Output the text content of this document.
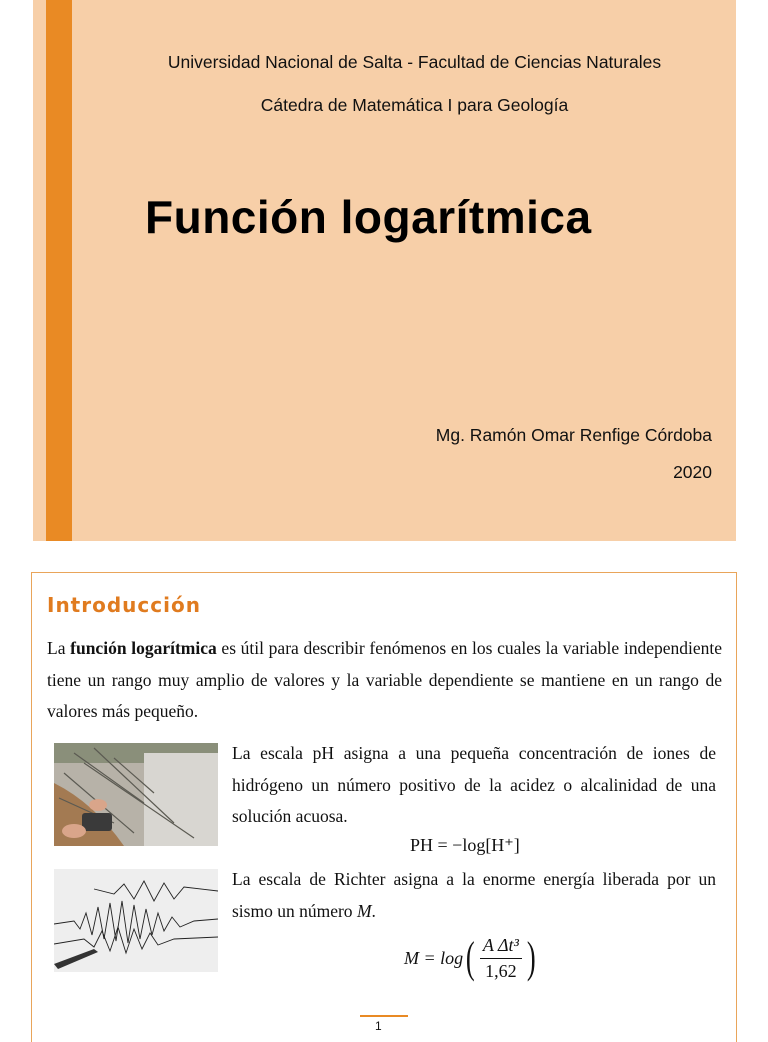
Universidad Nacional de Salta - Facultad de Ciencias Naturales
Cátedra de Matemática I para Geología
Función logarítmica
Mg. Ramón Omar Renfige Córdoba
2020
Introducción
La función logarítmica es útil para describir fenómenos en los cuales la variable independiente tiene un rango muy amplio de valores y la variable dependiente se mantiene en un rango de valores más pequeño.
La escala pH asigna a una pequeña concentración de iones de hidrógeno un número positivo de la acidez o alcalinidad de una solución acuosa.
PH = −log[H⁺]
La escala de Richter asigna a la enorme energía liberada por un sismo un número M.
M = log ( $\frac{\text{A Δt³}}{1,62}$ )
1
